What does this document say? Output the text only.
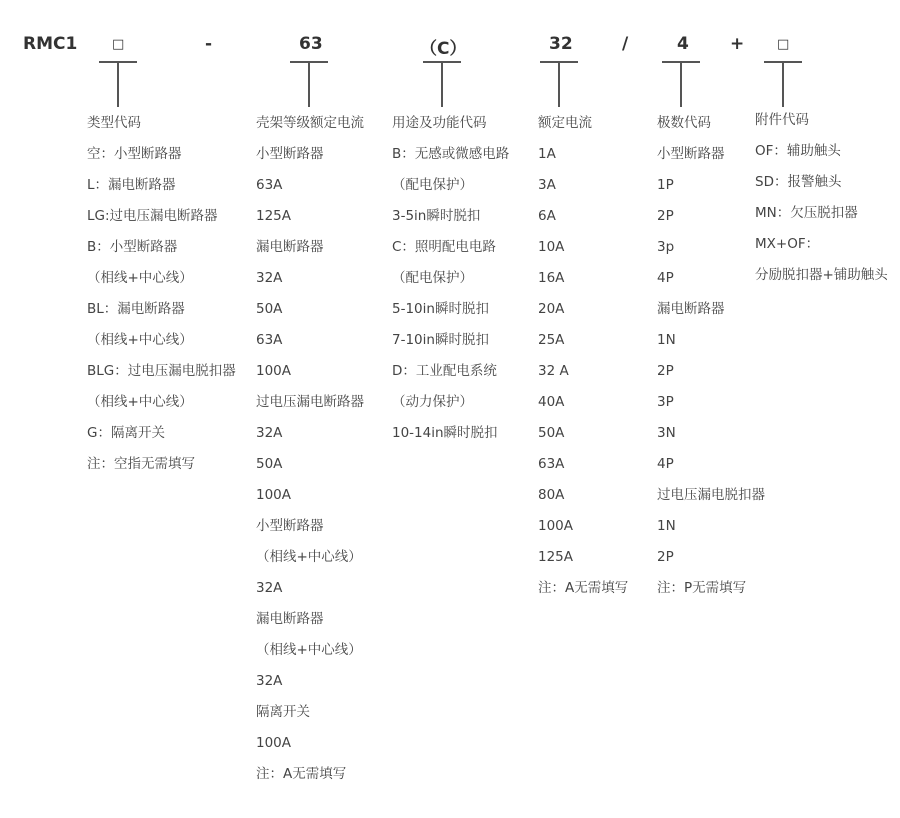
RMC1	□	-	63	（C）	32	/	4 +	□
类型代码
空：小型断路器
L：漏电断路器
LG:过电压漏电断路器
B：小型断路器
（相线+中心线）
BL：漏电断路器
（相线+中心线）
BLG：过电压漏电脱扣器
（相线+中心线）
G：隔离开关
注：空指无需填写
壳架等级额定电流
小型断路器
63A
125A
漏电断路器
32A
50A
63A
100A
过电压漏电断路器
32A
50A
100A
小型断路器
（相线+中心线）
32A
漏电断路器
（相线+中心线）
32A
隔离开关
100A
注：A无需填写
用途及功能代码
B：无感或微感电路
（配电保护）
3-5in瞬时脱扣
C：照明配电电路
（配电保护）
5-10in瞬时脱扣
7-10in瞬时脱扣
D：工业配电系统
（动力保护）
10-14in瞬时脱扣
额定电流
1A
3A
6A
10A
16A
20A
25A
32 A
40A
50A
63A
80A
100A
125A
注：A无需填写
极数代码
小型断路器
1P
2P
3p
4P
漏电断路器
1N
2P
3P
3N
4P
过电压漏电脱扣器
1N
2P
注：P无需填写
附件代码
OF：辅助触头
SD：报警触头
MN：欠压脱扣器
MX+OF：
分励脱扣器+铺助触头
